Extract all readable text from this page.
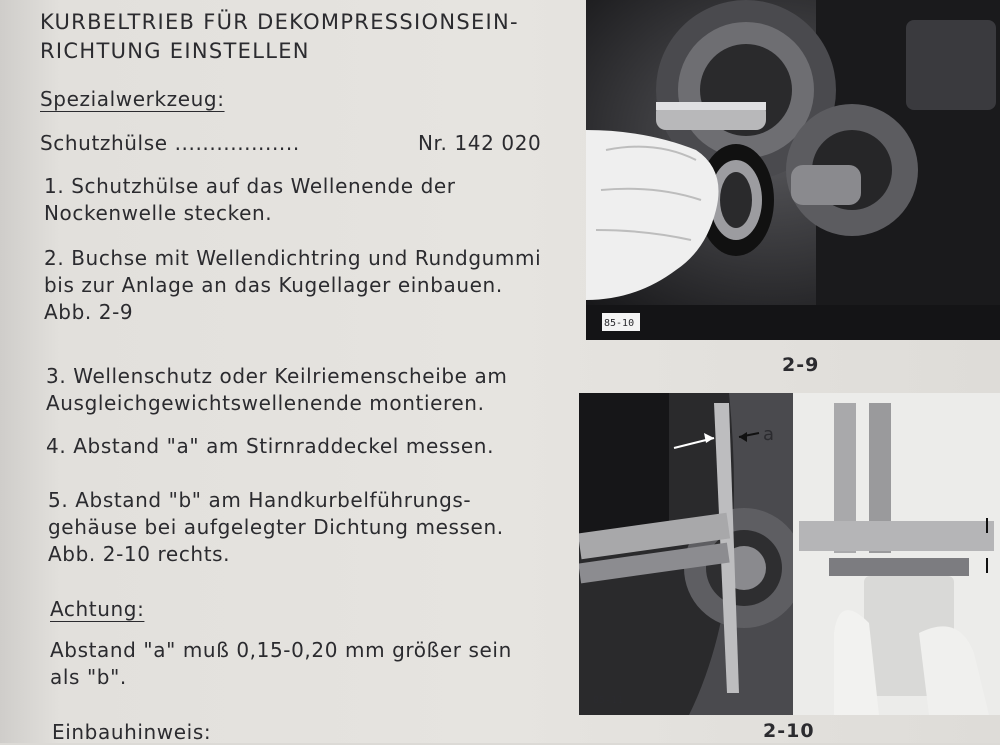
KURBELTRIEB FÜR DEKOMPRESSIONSEIN-
RICHTUNG EINSTELLEN
Spezialwerkzeug:
Schutzhülse ..................	Nr. 142 020
1. Schutzhülse auf das Wellenende der
Nockenwelle stecken.
2. Buchse mit Wellendichtring und Rundgummi
bis zur Anlage an das Kugellager einbauen.
Abb. 2-9
3. Wellenschutz oder Keilriemenscheibe am
Ausgleichgewichtswellenende montieren.
4. Abstand "a" am Stirnraddeckel messen.
5. Abstand "b" am Handkurbelführungs-
gehäuse bei aufgelegter Dichtung messen.
Abb. 2-10 rechts.
Achtung:
Abstand "a" muß 0,15-0,20 mm größer sein
als "b".
Einbauhinweis:
85-10
2-9
85-11
a
2-10
